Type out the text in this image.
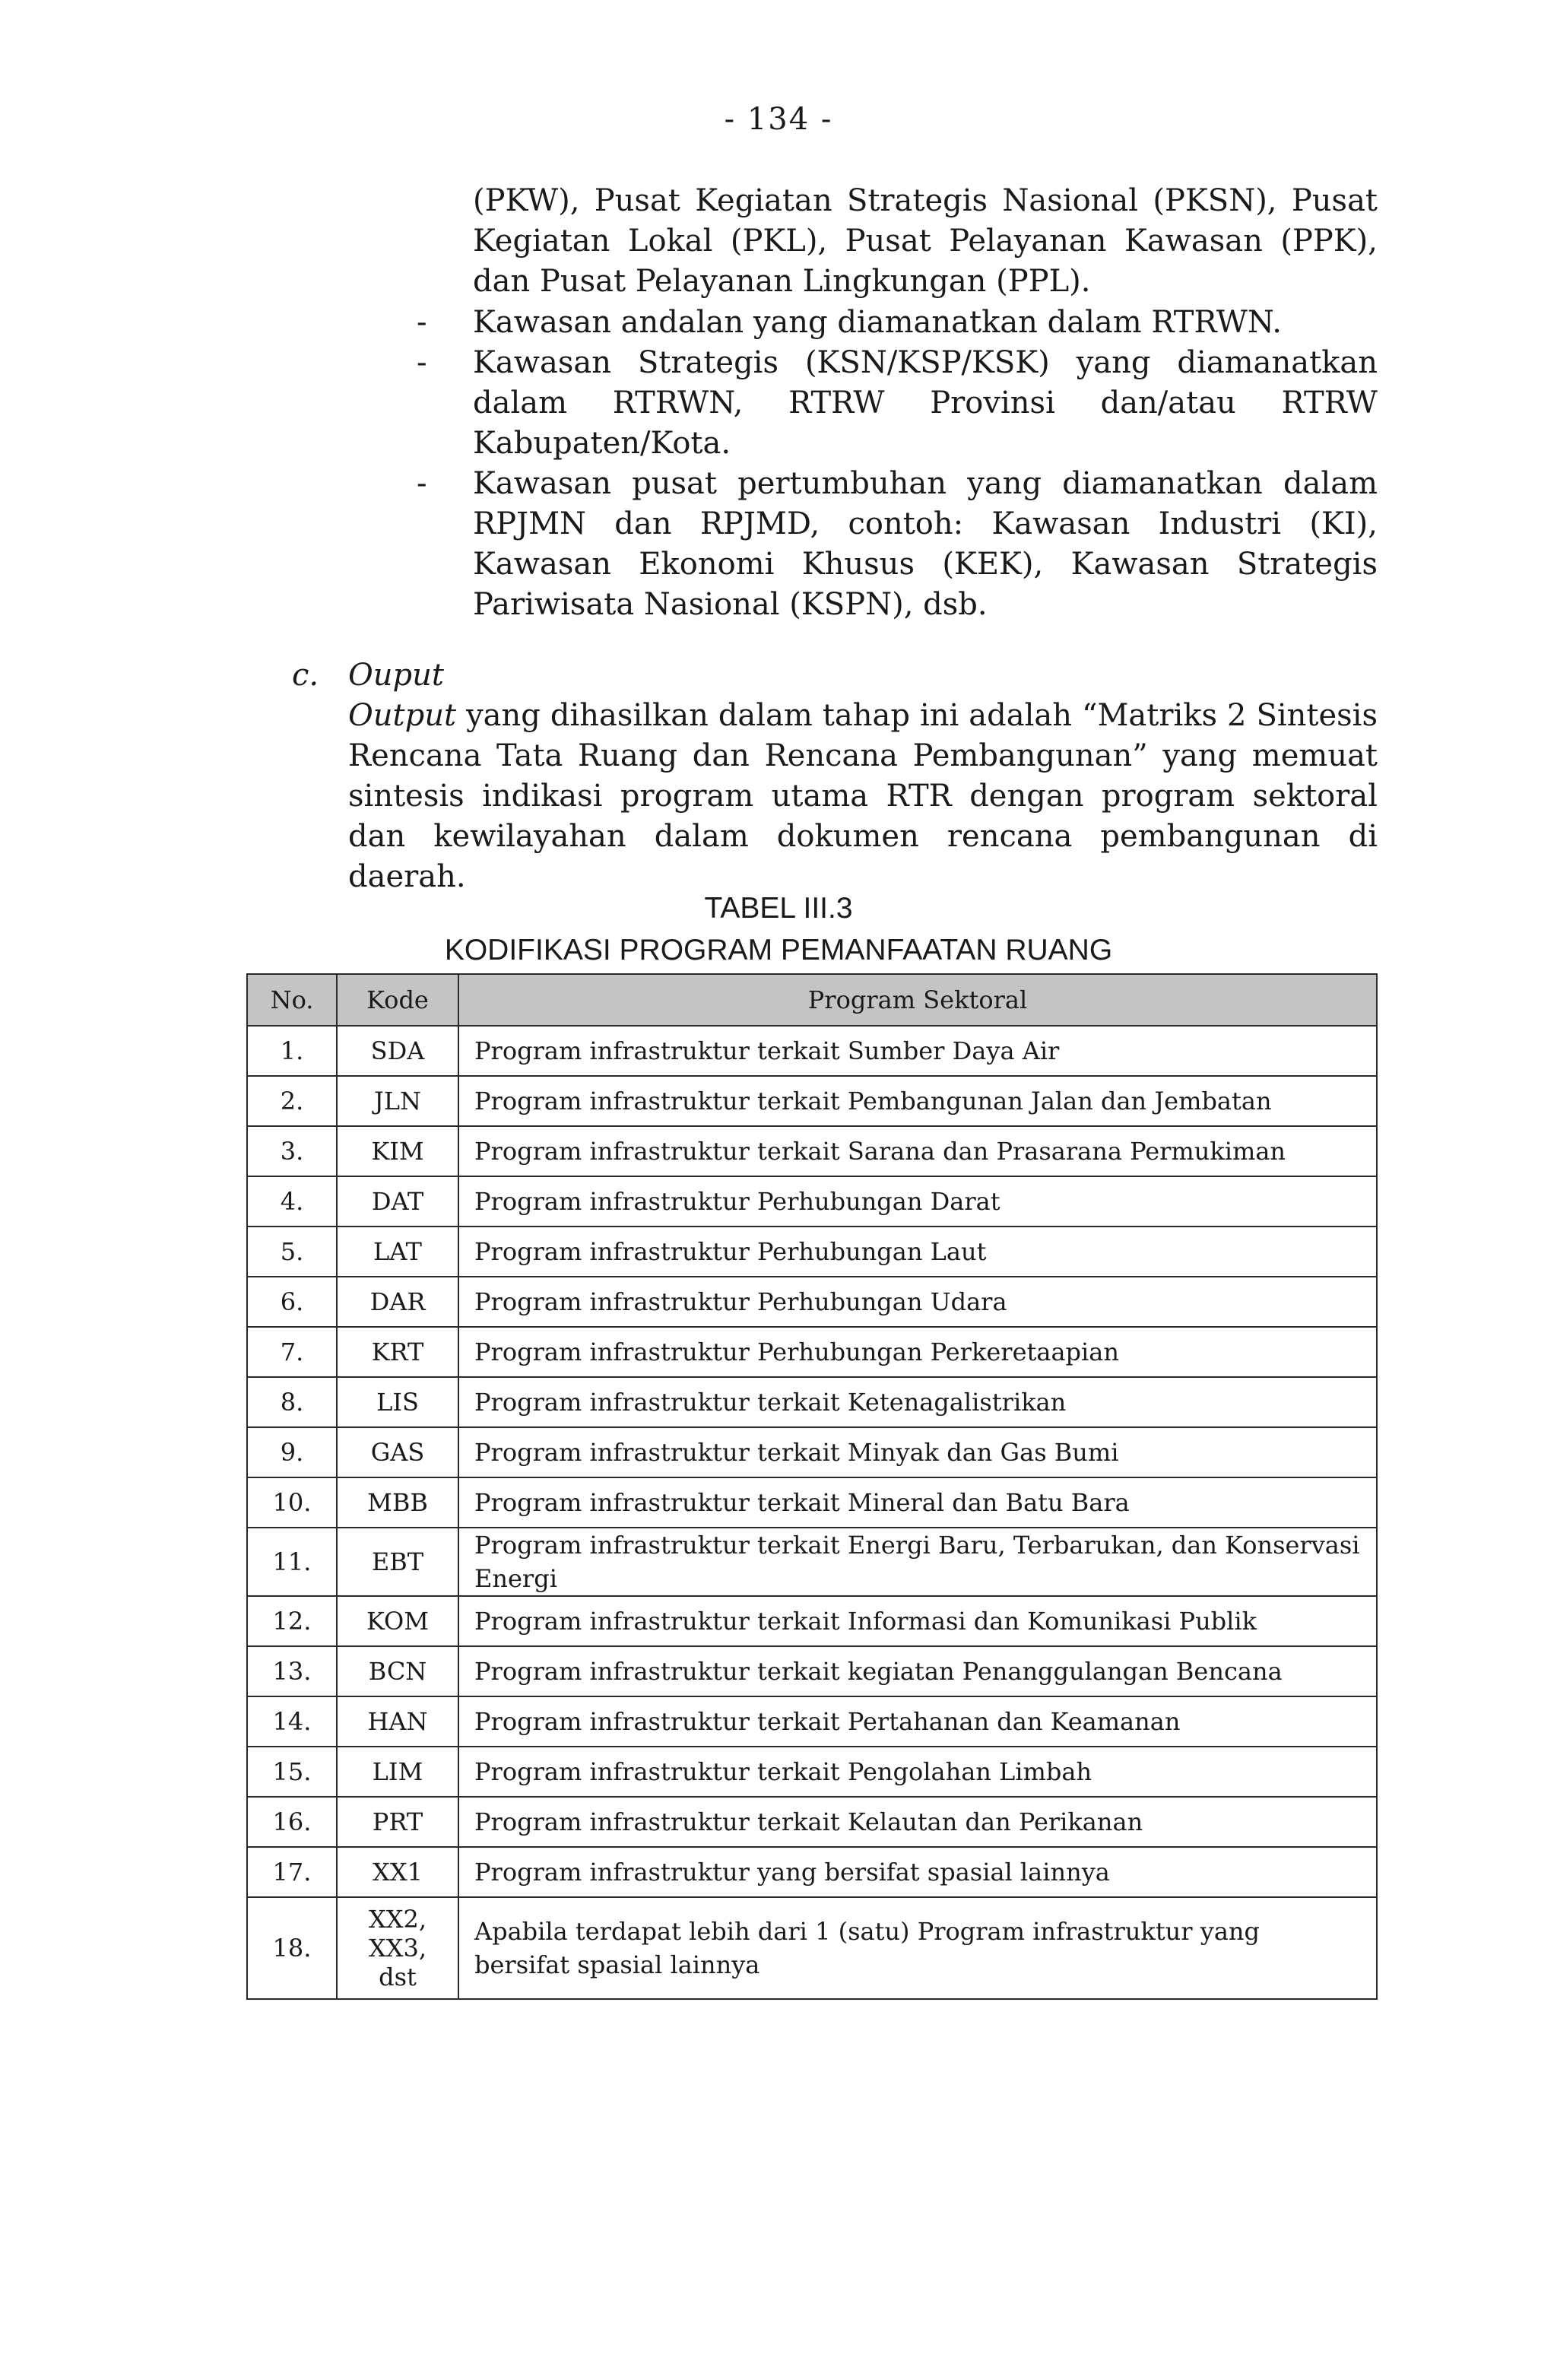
- 134 -

(PKW), Pusat Kegiatan Strategis Nasional (PKSN), Pusat Kegiatan Lokal (PKL), Pusat Pelayanan Kawasan (PPK), dan Pusat Pelayanan Lingkungan (PPL).

-	Kawasan andalan yang diamanatkan dalam RTRWN.
-	Kawasan Strategis (KSN/KSP/KSK) yang diamanatkan dalam RTRWN, RTRW Provinsi dan/atau RTRW Kabupaten/Kota.
-	Kawasan pusat pertumbuhan yang diamanatkan dalam RPJMN dan RPJMD, contoh: Kawasan Industri (KI), Kawasan Ekonomi Khusus (KEK), Kawasan Strategis Pariwisata Nasional (KSPN), dsb.
c. Ouput
Output yang dihasilkan dalam tahap ini adalah “Matriks 2 Sintesis Rencana Tata Ruang dan Rencana Pembangunan” yang memuat sintesis indikasi program utama RTR dengan program sektoral dan kewilayahan dalam dokumen rencana pembangunan di daerah.
TABEL III.3
KODIFIKASI PROGRAM PEMANFAATAN RUANG
No.	Kode	Program Sektoral
1.	SDA	Program infrastruktur terkait Sumber Daya Air
2.	JLN	Program infrastruktur terkait Pembangunan Jalan dan Jembatan
3.	KIM	Program infrastruktur terkait Sarana dan Prasarana Permukiman
4.	DAT	Program infrastruktur Perhubungan Darat
5.	LAT	Program infrastruktur Perhubungan Laut
6.	DAR	Program infrastruktur Perhubungan Udara
7.	KRT	Program infrastruktur Perhubungan Perkeretaapian
8.	LIS	Program infrastruktur terkait Ketenagalistrikan
9.	GAS	Program infrastruktur terkait Minyak dan Gas Bumi
10.	MBB	Program infrastruktur terkait Mineral dan Batu Bara
11.	EBT	Program infrastruktur terkait Energi Baru, Terbarukan, dan Konservasi Energi
12.	KOM	Program infrastruktur terkait Informasi dan Komunikasi Publik
13.	BCN	Program infrastruktur terkait kegiatan Penanggulangan Bencana
14.	HAN	Program infrastruktur terkait Pertahanan dan Keamanan
15.	LIM	Program infrastruktur terkait Pengolahan Limbah
16.	PRT	Program infrastruktur terkait Kelautan dan Perikanan
17.	XX1	Program infrastruktur yang bersifat spasial lainnya
18.	XX2, XX3, dst	Apabila terdapat lebih dari 1 (satu) Program infrastruktur yang bersifat spasial lainnya
